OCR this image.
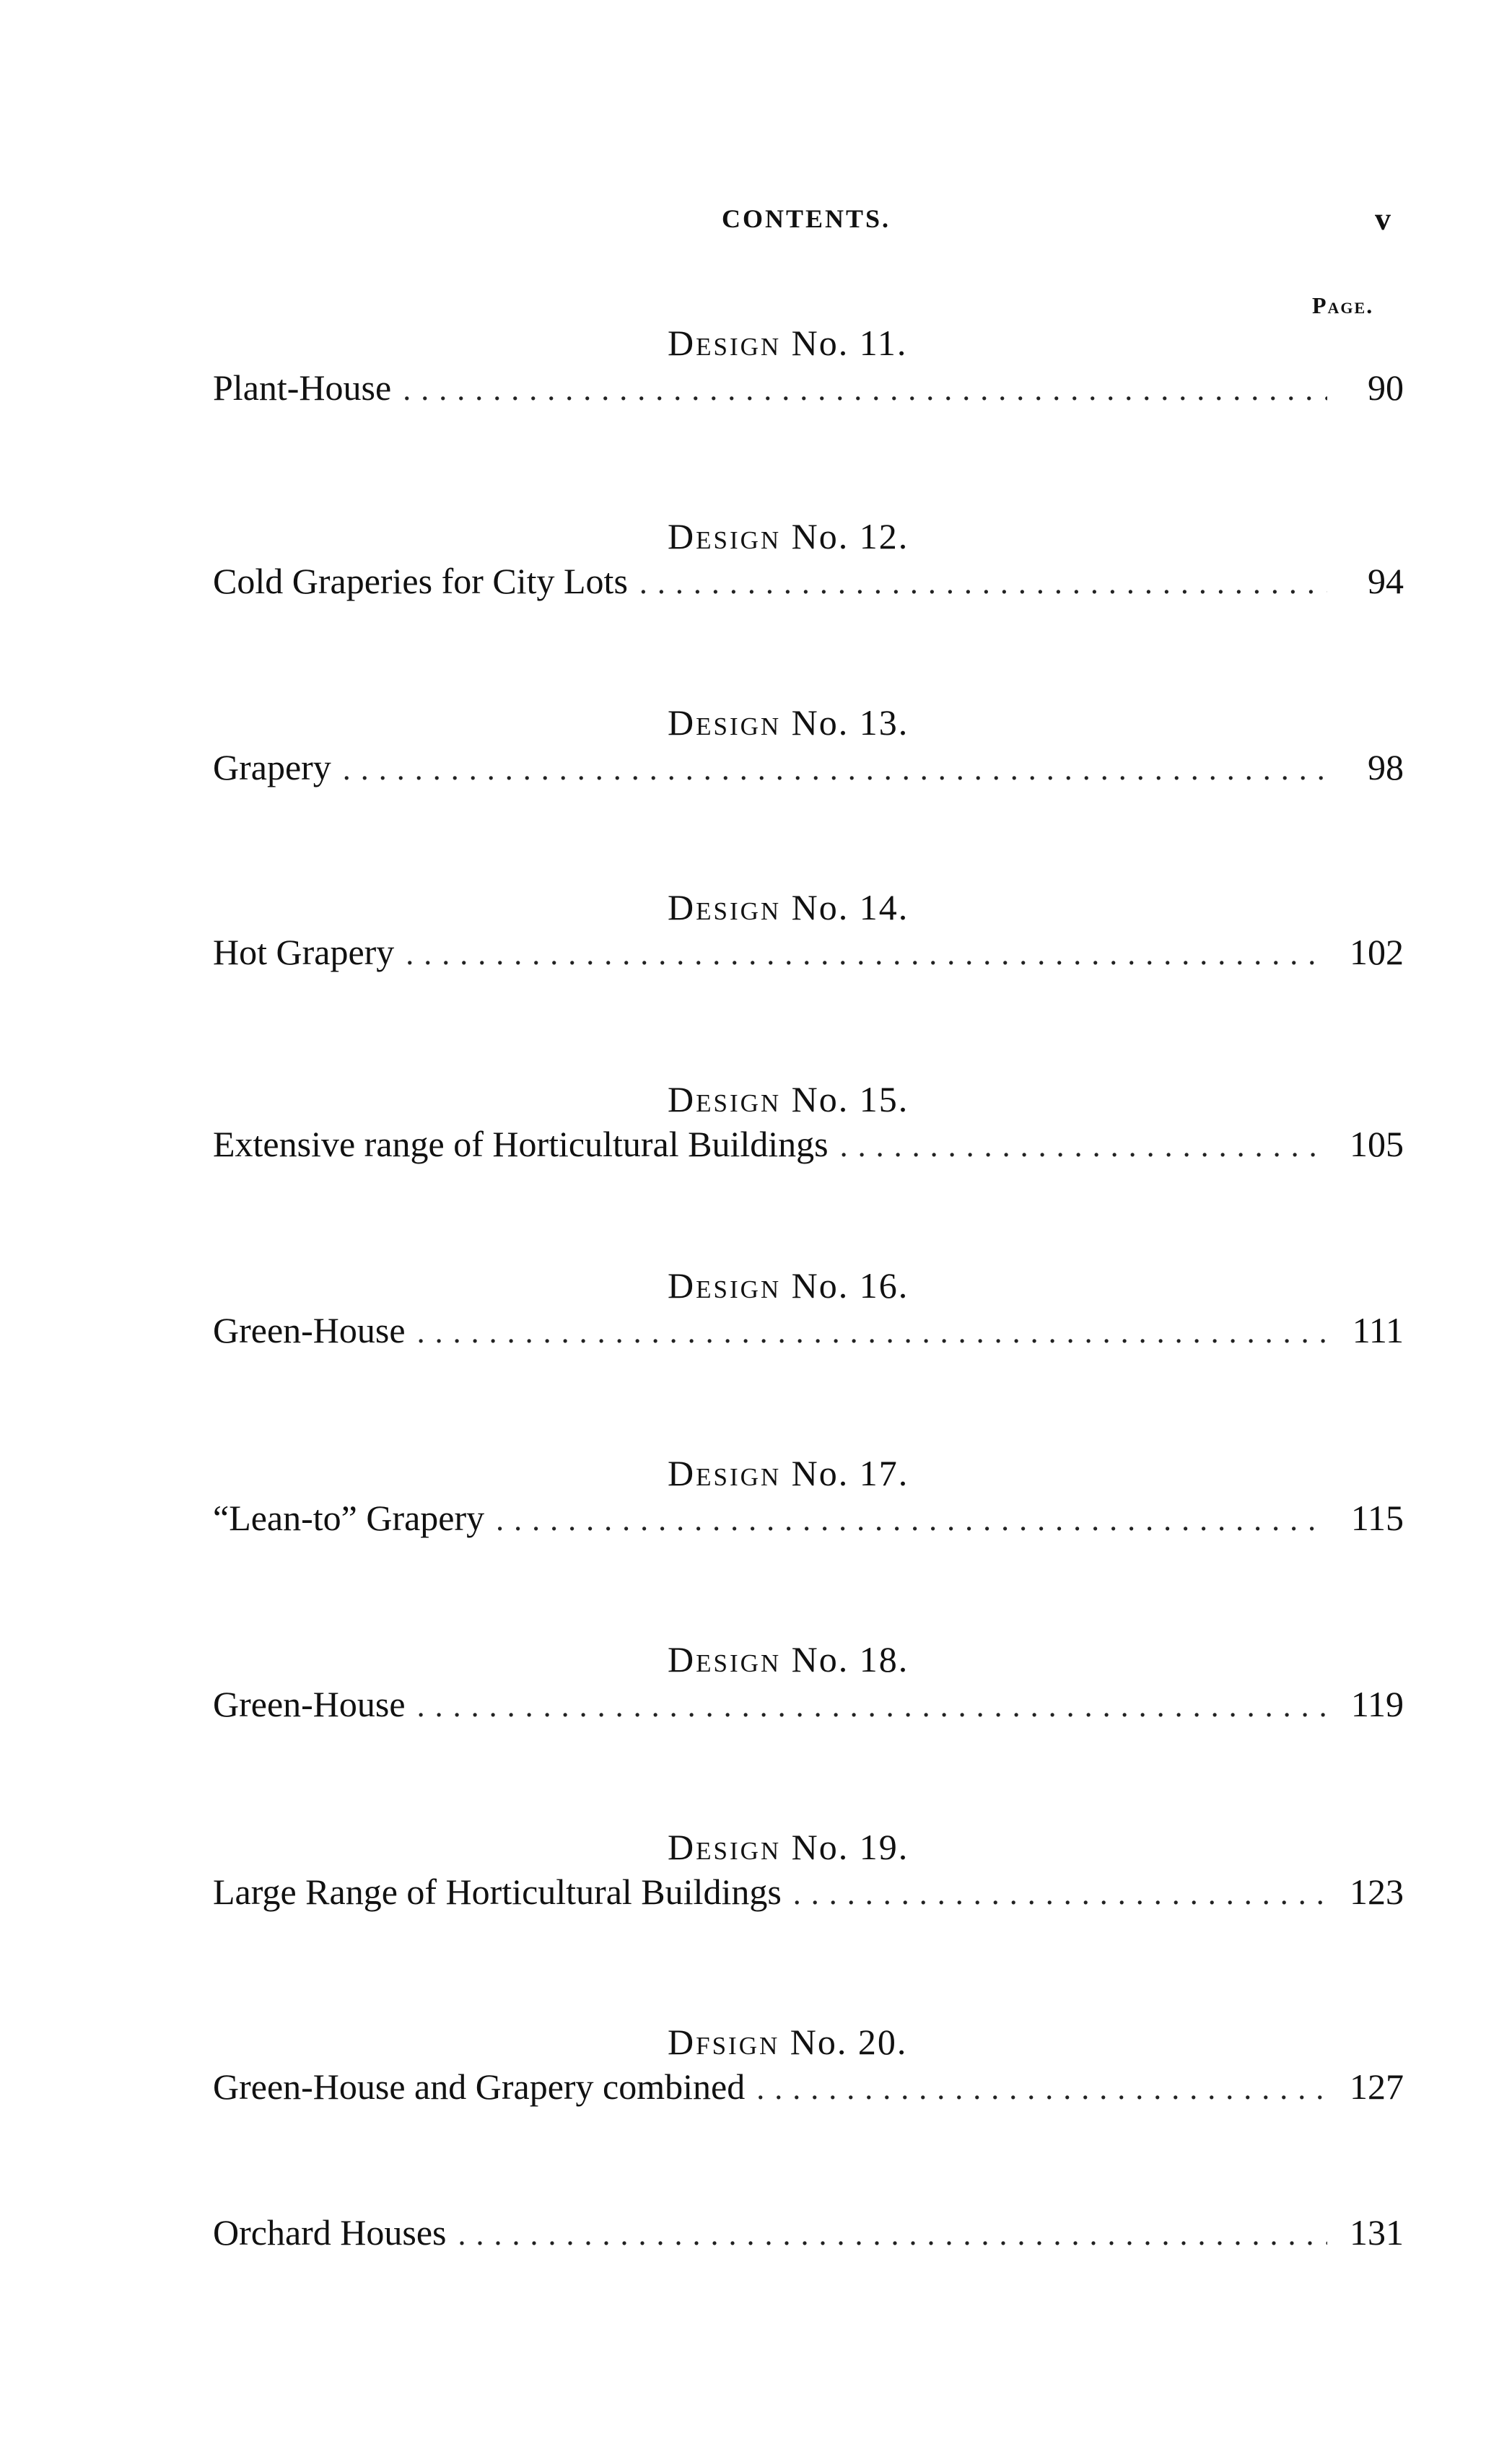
CONTENTS.	v
Page.
Design No. 11.
Plant-House .....	90
Design No. 12.
Cold Graperies for City Lots .....	94
Design No. 13.
Grapery .....	98
Design No. 14.
Hot Grapery .....	102
Design No. 15.
Extensive range of Horticultural Buildings .....	105
Design No. 16.
Green-House .....	111
Design No. 17.
“Lean-to” Grapery .....	115
Design No. 18.
Green-House .....	119
Design No. 19.
Large Range of Horticultural Buildings .....	123
Dfsign No. 20.
Green-House and Grapery combined .....	127
Orchard Houses .....	131
